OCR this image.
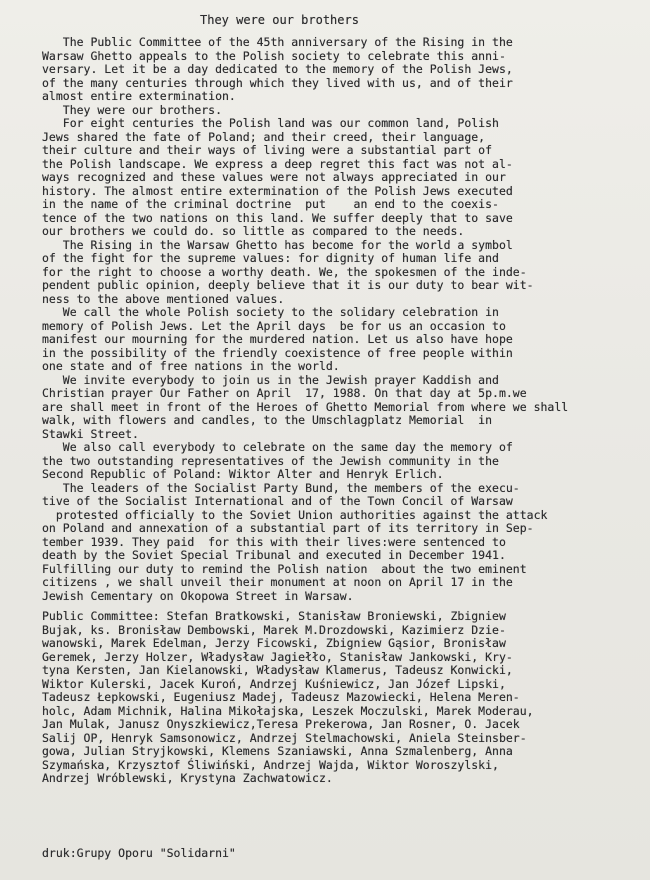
They were our brothers
The Public Committee of the 45th anniversary of the Rising in the
Warsaw Ghetto appeals to the Polish society to celebrate this anni-
versary. Let it be a day dedicated to the memory of the Polish Jews,
of the many centuries through which they lived with us, and of their
almost entire extermination.
They were our brothers.
For eight centuries the Polish land was our common land, Polish
Jews shared the fate of Poland; and their creed, their language,
their culture and their ways of living were a substantial part of
the Polish landscape. We express a deep regret this fact was not al-
ways recognized and these values were not always appreciated in our
history. The almost entire extermination of the Polish Jews executed
in the name of the criminal doctrine  put    an end to the coexis-
tence of the two nations on this land. We suffer deeply that to save
our brothers we could do. so little as compared to the needs.
The Rising in the Warsaw Ghetto has become for the world a symbol
of the fight for the supreme values: for dignity of human life and
for the right to choose a worthy death. We, the spokesmen of the inde-
pendent public opinion, deeply believe that it is our duty to bear wit-
ness to the above mentioned values.
We call the whole Polish society to the solidary celebration in
memory of Polish Jews. Let the April days  be for us an occasion to
manifest our mourning for the murdered nation. Let us also have hope
in the possibility of the friendly coexistence of free people within
one state and of free nations in the world.
We invite everybody to join us in the Jewish prayer Kaddish and
Christian prayer Our Father on April  17, 1988. On that day at 5p.m.we
are shall meet in front of the Heroes of Ghetto Memorial from where we shall
walk, with flowers and candles, to the Umschlagplatz Memorial  in
Stawki Street.
We also call everybody to celebrate on the same day the memory of
the two outstanding representatives of the Jewish community in the
Second Republic of Poland: Wiktor Alter and Henryk Erlich.
The leaders of the Socialist Party Bund, the members of the execu-
tive of the Socialist International and of the Town Concil of Warsaw
protested officially to the Soviet Union authorities against the attack
on Poland and annexation of a substantial part of its territory in Sep-
tember 1939. They paid  for this with their lives:were sentenced to
death by the Soviet Special Tribunal and executed in December 1941.
Fulfilling our duty to remind the Polish nation  about the two eminent
citizens , we shall unveil their monument at noon on April 17 in the
Jewish Cementary on Okopowa Street in Warsaw.
Public Committee: Stefan Bratkowski, Stanisław Broniewski, Zbigniew
Bujak, ks. Bronisław Dembowski, Marek M.Drozdowski, Kazimierz Dzie-
wanowski, Marek Edelman, Jerzy Ficowski, Zbigniew Gąsior, Bronisław
Geremek, Jerzy Holzer, Władysław Jagiełło, Stanisław Jankowski, Kry-
tyna Kersten, Jan Kielanowski, Władysław Klamerus, Tadeusz Konwicki,
Wiktor Kulerski, Jacek Kuroń, Andrzej Kuśniewicz, Jan Józef Lipski,
Tadeusz Łepkowski, Eugeniusz Madej, Tadeusz Mazowiecki, Helena Meren-
holc, Adam Michnik, Halina Mikołajska, Leszek Moczulski, Marek Moderau,
Jan Mulak, Janusz Onyszkiewicz,Teresa Prekerowa, Jan Rosner, O. Jacek
Salij OP, Henryk Samsonowicz, Andrzej Stelmachowski, Aniela Steinsber-
gowa, Julian Stryjkowski, Klemens Szaniawski, Anna Szmalenberg, Anna
Szymańska, Krzysztof Śliwiński, Andrzej Wajda, Wiktor Woroszylski,
Andrzej Wróblewski, Krystyna Zachwatowicz.
druk:Grupy Oporu "Solidarni"
